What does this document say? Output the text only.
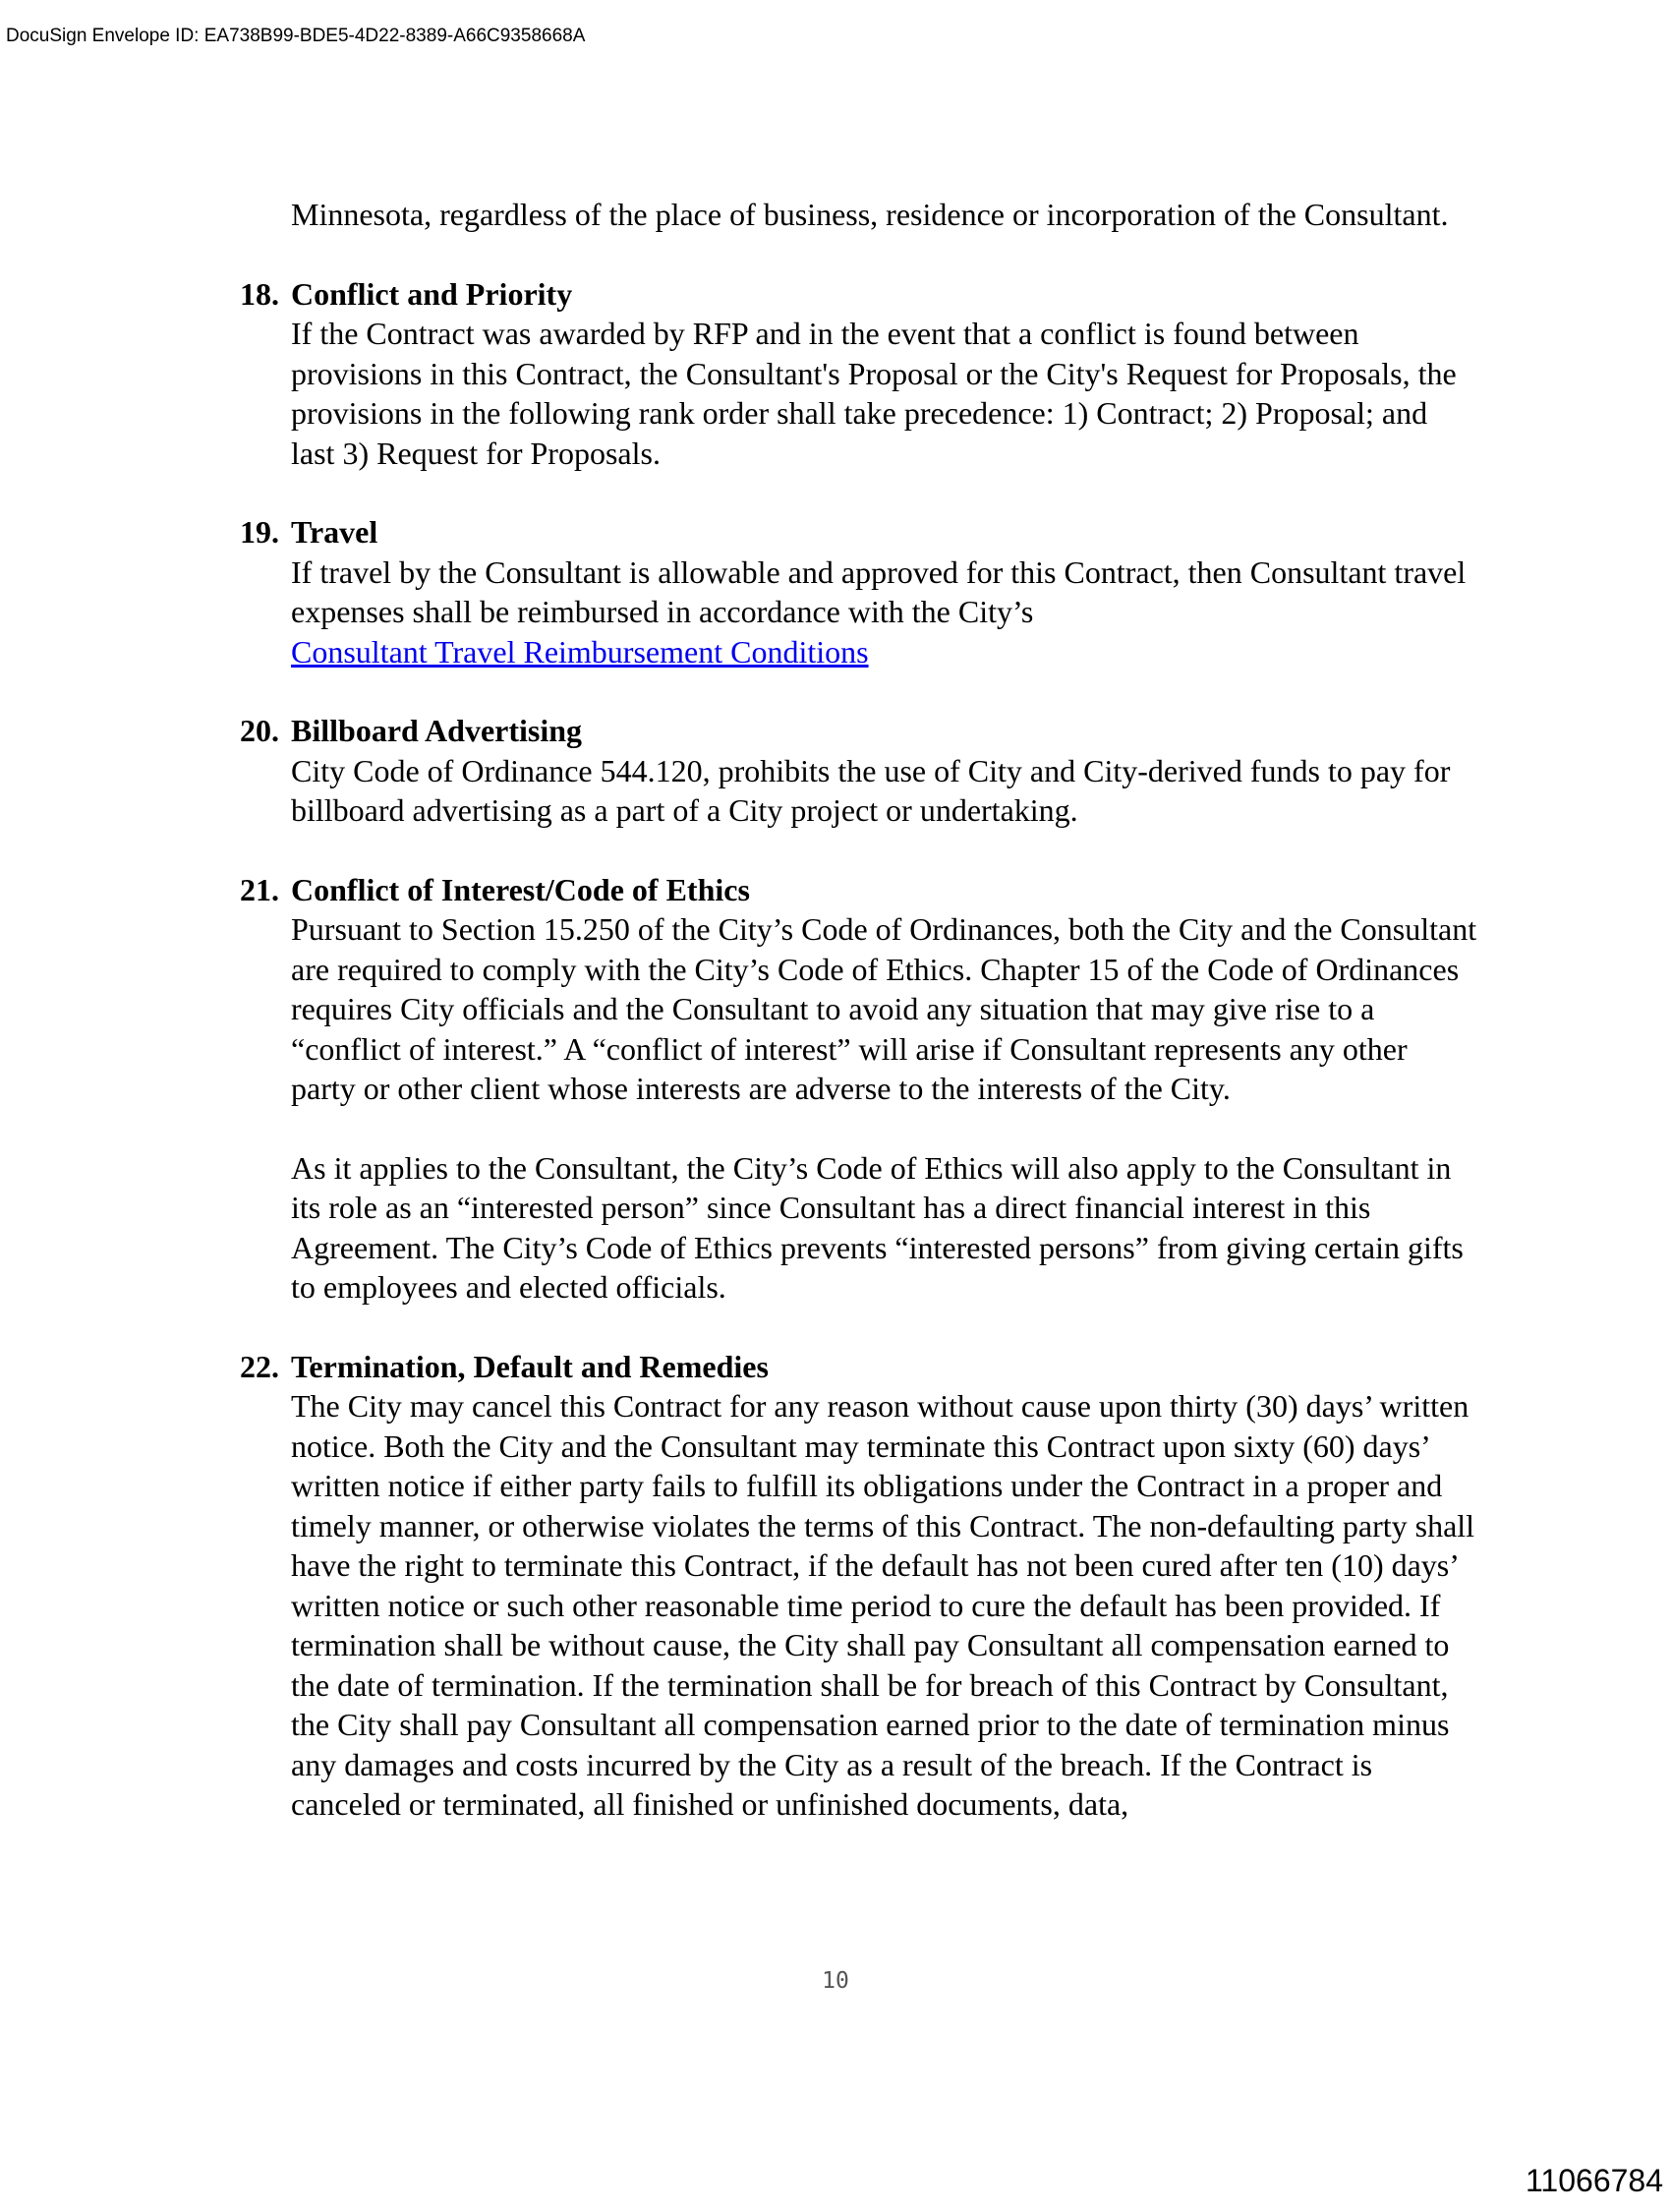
DocuSign Envelope ID: EA738B99-BDE5-4D22-8389-A66C9358668A
Minnesota, regardless of the place of business, residence or incorporation of the Consultant.
18. Conflict and Priority
If the Contract was awarded by RFP and in the event that a conflict is found between provisions in this Contract, the Consultant's Proposal or the City's Request for Proposals, the provisions in the following rank order shall take precedence: 1) Contract; 2) Proposal; and last 3) Request for Proposals.
19. Travel
If travel by the Consultant is allowable and approved for this Contract, then Consultant travel expenses shall be reimbursed in accordance with the City’s
Consultant Travel Reimbursement Conditions
20. Billboard Advertising
City Code of Ordinance 544.120, prohibits the use of City and City-derived funds to pay for billboard advertising as a part of a City project or undertaking.
21. Conflict of Interest/Code of Ethics
Pursuant to Section 15.250 of the City’s Code of Ordinances, both the City and the Consultant are required to comply with the City’s Code of Ethics. Chapter 15 of the Code of Ordinances requires City officials and the Consultant to avoid any situation that may give rise to a “conflict of interest.” A “conflict of interest” will arise if Consultant represents any other party or other client whose interests are adverse to the interests of the City.
As it applies to the Consultant, the City’s Code of Ethics will also apply to the Consultant in its role as an “interested person” since Consultant has a direct financial interest in this Agreement. The City’s Code of Ethics prevents “interested persons” from giving certain gifts to employees and elected officials.
22. Termination, Default and Remedies
The City may cancel this Contract for any reason without cause upon thirty (30) days’ written notice. Both the City and the Consultant may terminate this Contract upon sixty (60) days’ written notice if either party fails to fulfill its obligations under the Contract in a proper and timely manner, or otherwise violates the terms of this Contract. The non-defaulting party shall have the right to terminate this Contract, if the default has not been cured after ten (10) days’ written notice or such other reasonable time period to cure the default has been provided. If termination shall be without cause, the City shall pay Consultant all compensation earned to the date of termination. If the termination shall be for breach of this Contract by Consultant, the City shall pay Consultant all compensation earned prior to the date of termination minus any damages and costs incurred by the City as a result of the breach. If the Contract is canceled or terminated, all finished or unfinished documents, data,
10
11066784
